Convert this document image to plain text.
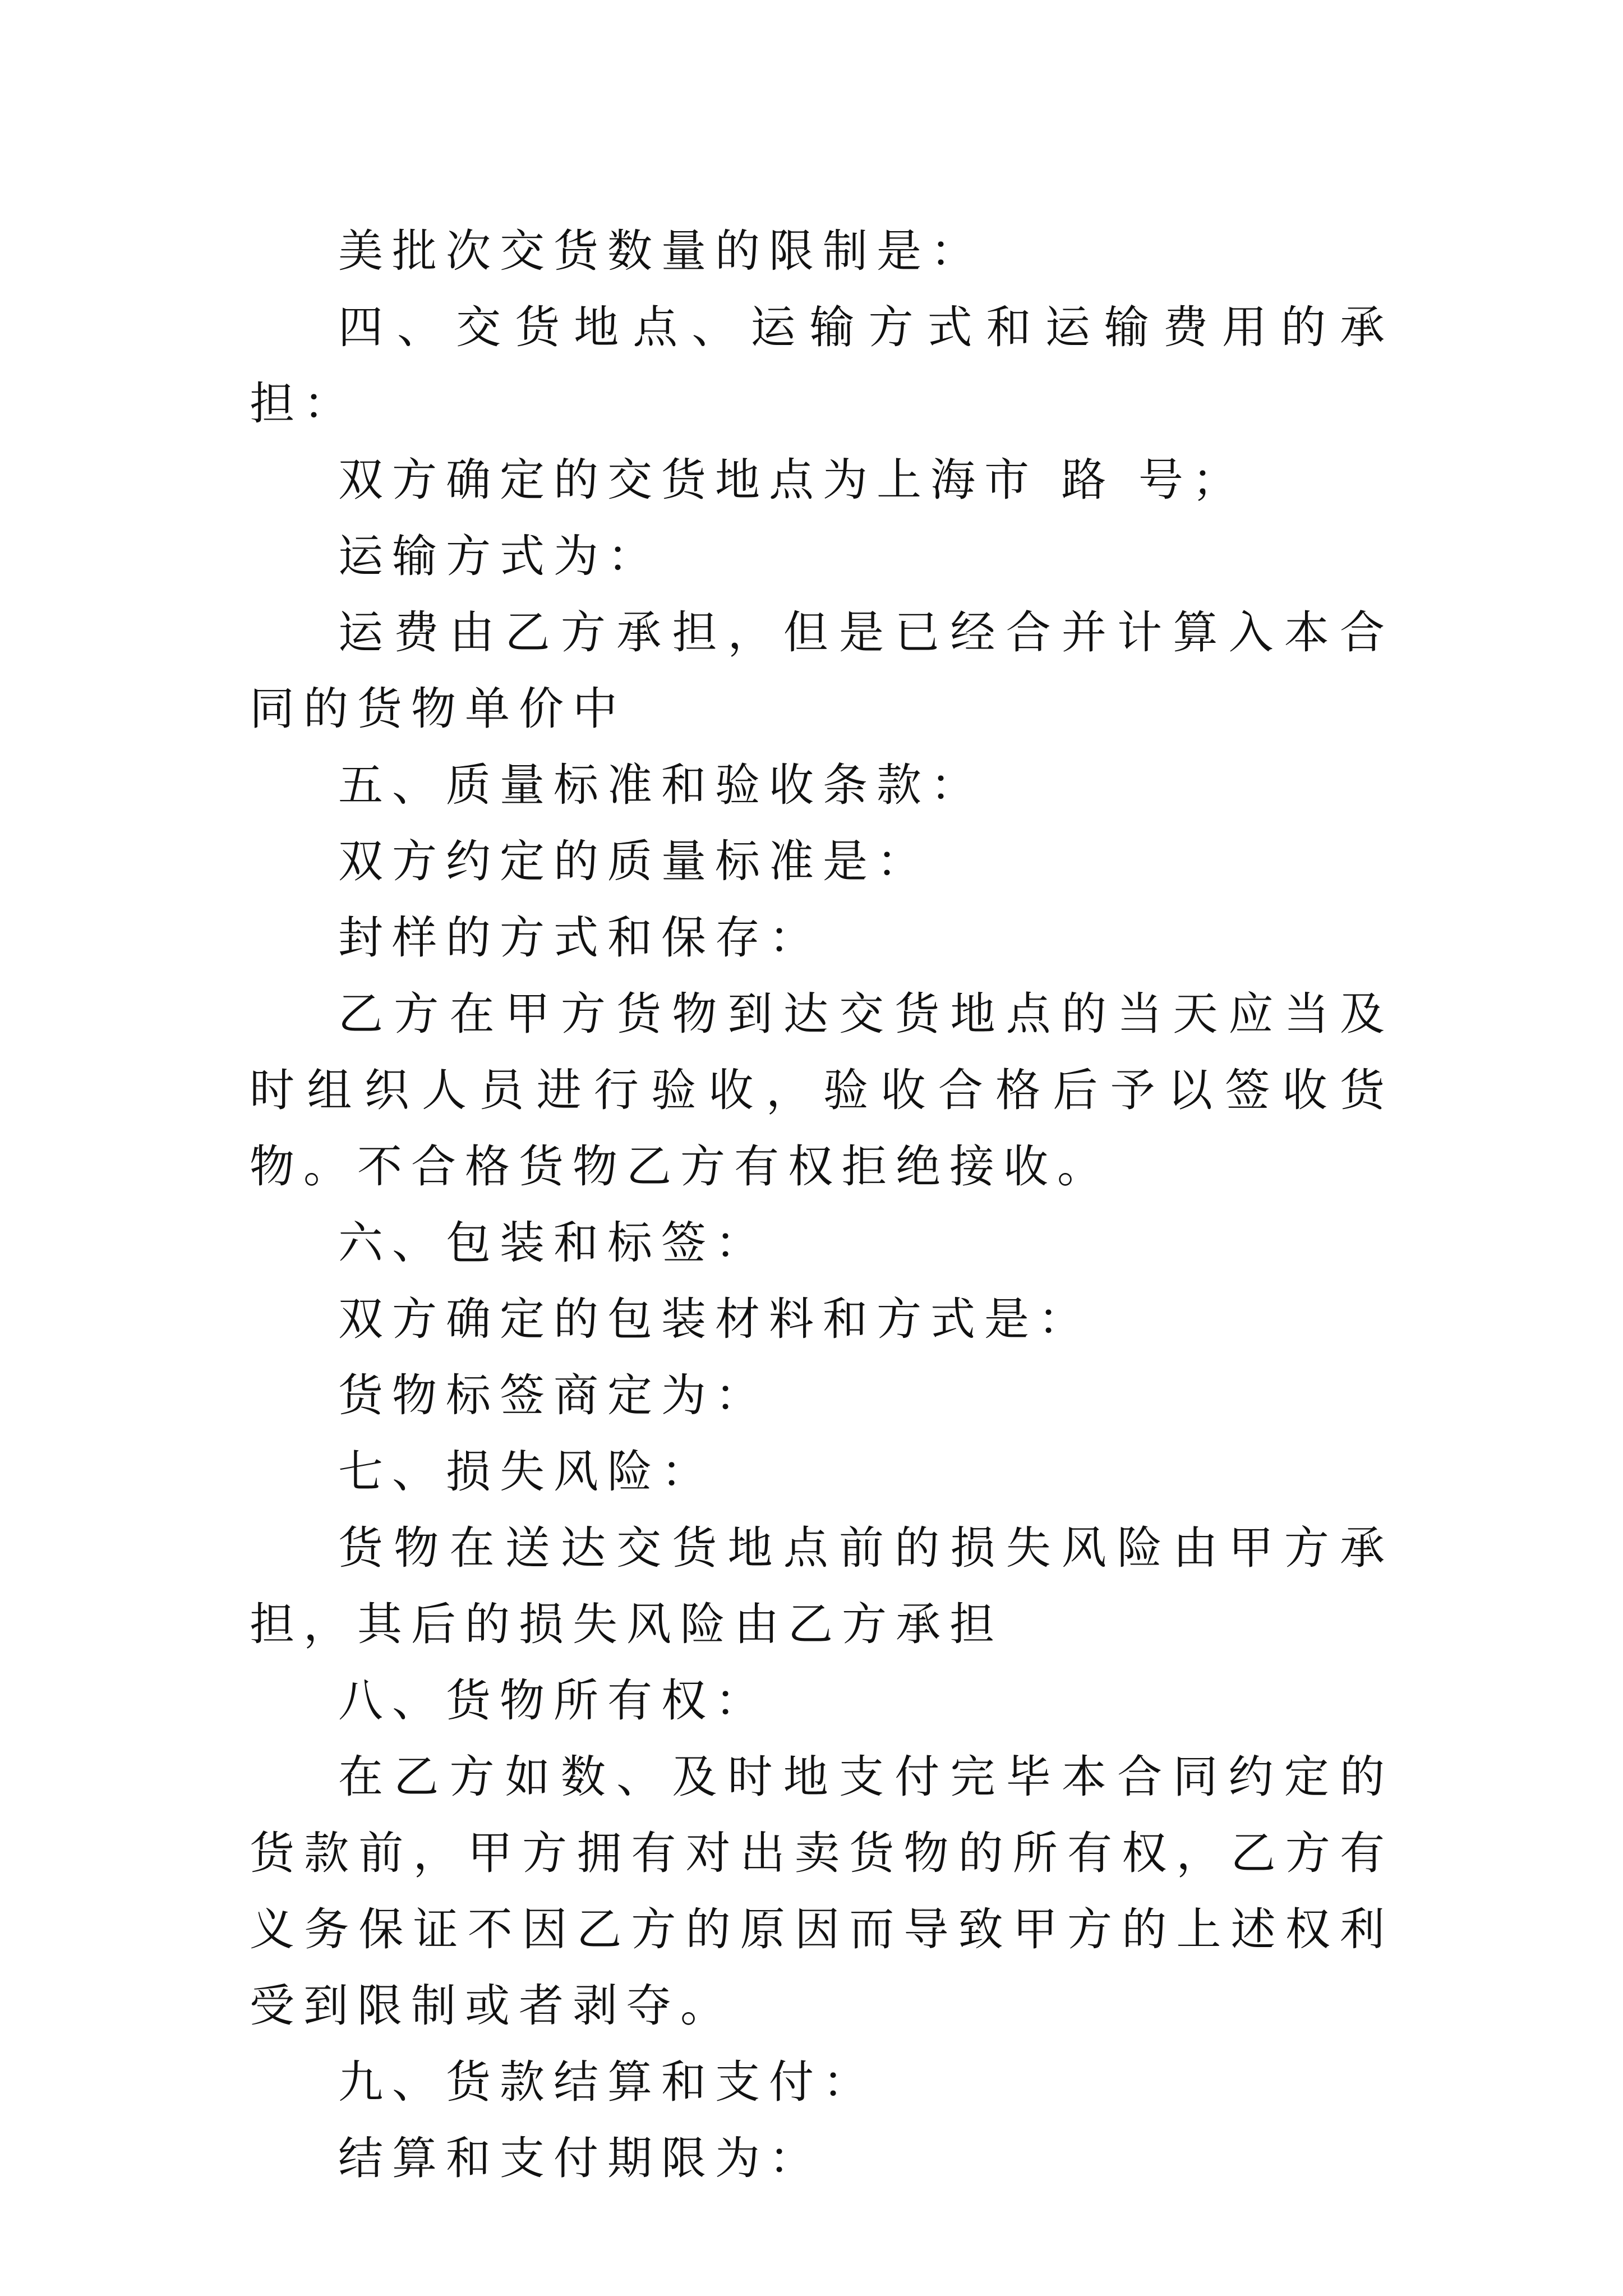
美批次交货数量的限制是：

四、交货地点、运输方式和运输费用的承担：

双方确定的交货地点为上海市 路 号；

运输方式为：

运费由乙方承担，但是已经合并计算入本合同的货物单价中

五、质量标准和验收条款：

双方约定的质量标准是：

封样的方式和保存：

乙方在甲方货物到达交货地点的当天应当及时组织人员进行验收，验收合格后予以签收货物。不合格货物乙方有权拒绝接收。

六、包装和标签：

双方确定的包装材料和方式是：

货物标签商定为：

七、损失风险：

货物在送达交货地点前的损失风险由甲方承担，其后的损失风险由乙方承担

八、货物所有权：

在乙方如数、及时地支付完毕本合同约定的货款前，甲方拥有对出卖货物的所有权，乙方有义务保证不因乙方的原因而导致甲方的上述权利受到限制或者剥夺。

九、货款结算和支付：

结算和支付期限为：
